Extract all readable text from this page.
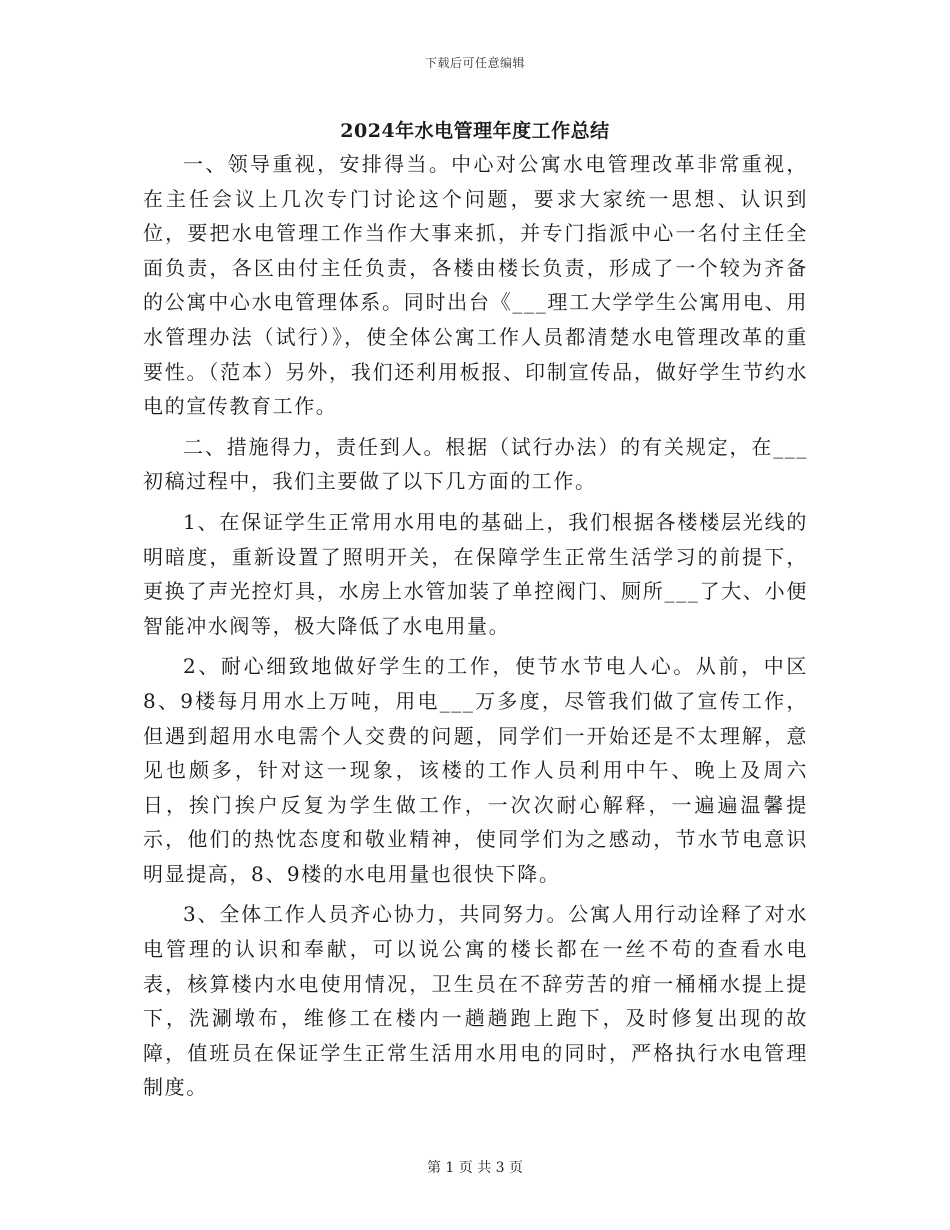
下载后可任意编辑
2024年水电管理年度工作总结

一、领导重视，安排得当。中心对公寓水电管理改革非常重视，在主任会议上几次专门讨论这个问题，要求大家统一思想、认识到位，要把水电管理工作当作大事来抓，并专门指派中心一名付主任全面负责，各区由付主任负责，各楼由楼长负责，形成了一个较为齐备的公寓中心水电管理体系。同时出台《___理工大学学生公寓用电、用水管理办法（试行）》，使全体公寓工作人员都清楚水电管理改革的重要性。（范本）另外，我们还利用板报、印制宣传品，做好学生节约水电的宣传教育工作。

二、措施得力，责任到人。根据（试行办法）的有关规定，在___初稿过程中，我们主要做了以下几方面的工作。

1、在保证学生正常用水用电的基础上，我们根据各楼楼层光线的明暗度，重新设置了照明开关，在保障学生正常生活学习的前提下，更换了声光控灯具，水房上水管加装了单控阀门、厕所___了大、小便智能冲水阀等，极大降低了水电用量。

2、耐心细致地做好学生的工作，使节水节电人心。从前，中区8、9楼每月用水上万吨，用电___万多度，尽管我们做了宣传工作，但遇到超用水电需个人交费的问题，同学们一开始还是不太理解，意见也颇多，针对这一现象，该楼的工作人员利用中午、晚上及周六日，挨门挨户反复为学生做工作，一次次耐心解释，一遍遍温馨提示，他们的热忱态度和敬业精神，使同学们为之感动，节水节电意识明显提高，8、9楼的水电用量也很快下降。

3、全体工作人员齐心协力，共同努力。公寓人用行动诠释了对水电管理的认识和奉献，可以说公寓的楼长都在一丝不苟的查看水电表，核算楼内水电使用情况，卫生员在不辞劳苦的疳一桶桶水提上提下，洗涮墩布，维修工在楼内一趟趟跑上跑下，及时修复出现的故障，值班员在保证学生正常生活用水用电的同时，严格执行水电管理制度。

第 1 页 共 3 页
